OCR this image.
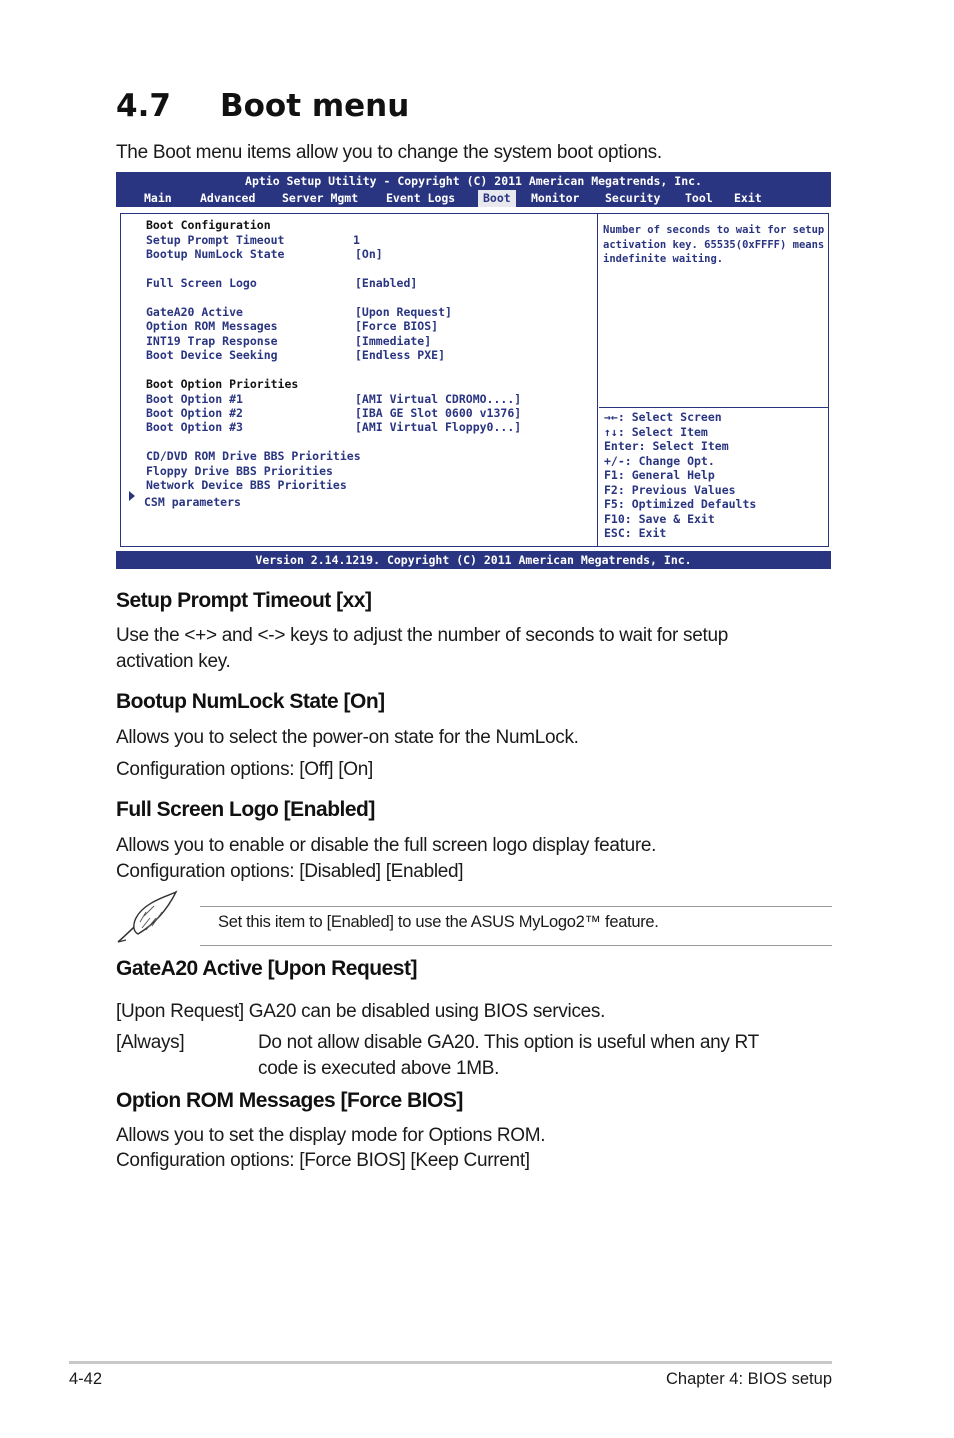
4.7 Boot menu
The Boot menu items allow you to change the system boot options.
Aptio Setup Utility - Copyright (C) 2011 American Megatrends, Inc.
Main Advanced Server Mgmt Event Logs	Boot	Monitor Security Tool Exit
Boot Configuration
Setup Prompt Timeout	1
Bootup NumLock State	[On]
Full Screen Logo	[Enabled]
GateA20 Active	[Upon Request]
Option ROM Messages	[Force BIOS]
INT19 Trap Response	[Immediate]
Boot Device Seeking	[Endless PXE]
Boot Option Priorities
Boot Option #1	[AMI Virtual CDROMO....]
Boot Option #2	[IBA GE Slot 0600 v1376]
Boot Option #3	[AMI Virtual Floppy0...]
CD/DVD ROM Drive BBS Priorities
Floppy Drive BBS Priorities
Network Device BBS Priorities
CSM parameters
Number of seconds to wait for setup activation key. 65535(0xFFFF) means indefinite waiting.
→←: Select Screen
↑↓: Select Item
Enter: Select Item
+/-: Change Opt.
F1: General Help
F2: Previous Values
F5: Optimized Defaults
F10: Save & Exit
ESC: Exit
Version 2.14.1219. Copyright (C) 2011 American Megatrends, Inc.
Setup Prompt Timeout [xx]
Use the <+> and <-> keys to adjust the number of seconds to wait for setup
activation key.
Bootup NumLock State [On]
Allows you to select the power-on state for the NumLock.
Configuration options: [Off] [On]
Full Screen Logo [Enabled]
Allows you to enable or disable the full screen logo display feature.
Configuration options: [Disabled] [Enabled]
Set this item to [Enabled] to use the ASUS MyLogo2™ feature.
GateA20 Active [Upon Request]
[Upon Request] GA20 can be disabled using BIOS services.
[Always]	Do not allow disable GA20. This option is useful when any RT
code is executed above 1MB.
Option ROM Messages [Force BIOS]
Allows you to set the display mode for Options ROM.
Configuration options: [Force BIOS] [Keep Current]
4-42	Chapter 4: BIOS setup
